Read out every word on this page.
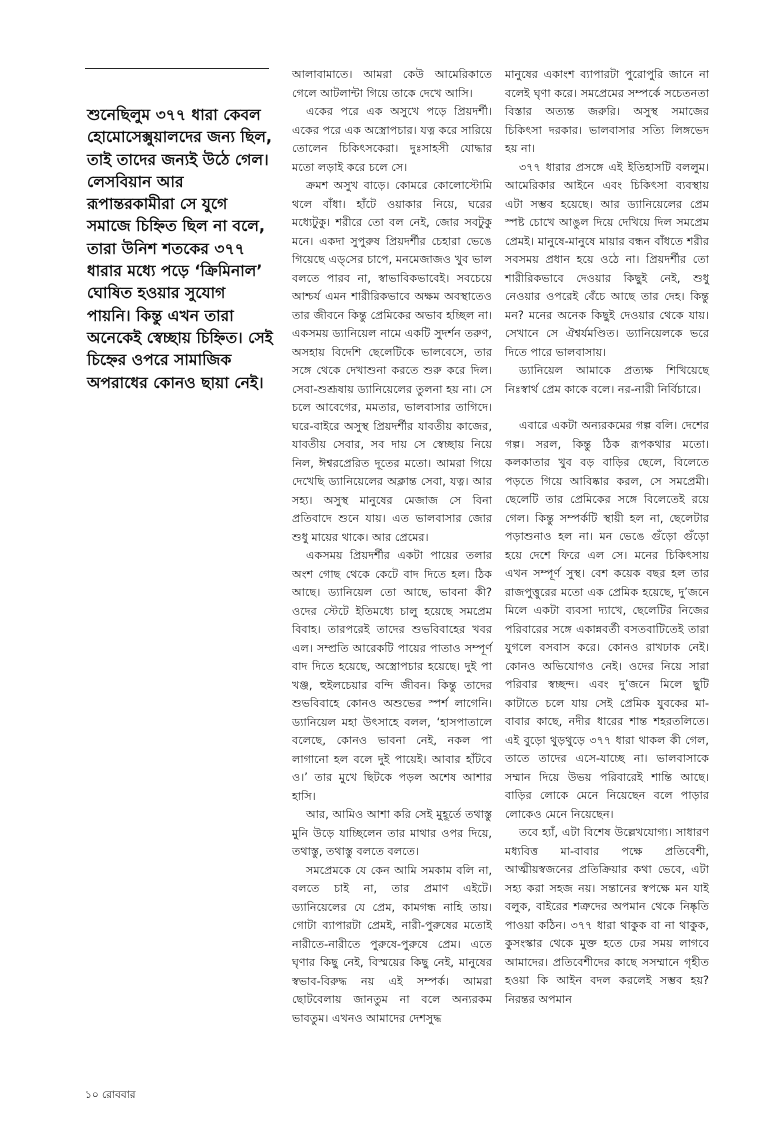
শুনেছিলুম ৩৭৭ ধারা কেবল হোমোসেক্সুয়ালদের জন্য ছিল, তাই তাদের জন্যই উঠে গেল। লেসবিয়ান আর রূপান্তরকামীরা সে যুগে সমাজে চিহ্নিত ছিল না বলে, তারা উনিশ শতকের ৩৭৭ ধারার মধ্যে পড়ে ‘ক্রিমিনাল’ ঘোষিত হওয়ার সুযোগ পায়নি। কিন্তু এখন তারা অনেকেই স্বেচ্ছায় চিহ্নিত। সেই চিহ্নের ওপরে সামাজিক অপরাধের কোনও ছায়া নেই।

আলাবামাতে। আমরা কেউ আমেরিকাতে গেলে আটলান্টা গিয়ে তাকে দেখে আসি।

একের পরে এক অসুখে পড়ে প্রিয়দর্শী। একের পরে এক অস্ত্রোপচার। যত্ন করে সারিয়ে তোলেন চিকিৎসকেরা। দুঃসাহসী যোদ্ধার মতো লড়াই করে চলে সে।

ক্রমশ অসুখ বাড়ে। কোমরে কোলোস্টোমি থলে বাঁধা। হাঁটে ওয়াকার নিয়ে, ঘরের মধ্যেটুকু। শরীরে তো বল নেই, জোর সবটুকু মনে। একদা সুপুরুষ প্রিয়দর্শীর চেহারা ভেঙে গিয়েছে এড্‌সের চাপে, মনমেজাজও খুব ভাল বলতে পারব না, স্বাভাবিকভাবেই। সবচেয়ে আশ্চর্য এমন শারীরিকভাবে অক্ষম অবস্থাতেও তার জীবনে কিন্তু প্রেমিকের অভাব হচ্ছিল না। একসময় ড্যানিয়েল নামে একটি সুদর্শন তরুণ, অসহায় বিদেশি ছেলেটিকে ভালবেসে, তার সঙ্গে থেকে দেখাশুনা করতে শুরু করে দিল। সেবা-শুশ্রূষায় ড্যানিয়েলের তুলনা হয় না। সে চলে আবেগের, মমতার, ভালবাসার তাগিদে। ঘরে-বাইরে অসুস্থ প্রিয়দর্শীর যাবতীয় কাজের, যাবতীয় সেবার, সব দায় সে স্বেচ্ছায় নিয়ে নিল, ঈশ্বরপ্রেরিত দূতের মতো। আমরা গিয়ে দেখেছি ড্যানিয়েলের অক্লান্ত সেবা, যত্ন। আর সহ্য। অসুস্থ মানুষের মেজাজ সে বিনা প্রতিবাদে শুনে যায়। এত ভালবাসার জোর শুধু মায়ের থাকে। আর প্রেমের।

একসময় প্রিয়দর্শীর একটা পায়ের তলার অংশ গোছ থেকে কেটে বাদ দিতে হল। ঠিক আছে। ড্যানিয়েল তো আছে, ভাবনা কী? ওদের স্টেটে ইতিমধ্যে চালু হয়েছে সমপ্রেম বিবাহ। তারপরেই তাদের শুভবিবাহের খবর এল। সম্প্রতি আরেকটি পায়ের পাতাও সম্পূর্ণ বাদ দিতে হয়েছে, অস্ত্রোপচার হয়েছে। দুই পা খঞ্জ, হুইলচেয়ার বন্দি জীবন। কিন্তু তাদের শুভবিবাহে কোনও অশুভের স্পর্শ লাগেনি। ড্যানিয়েল মহা উৎসাহে বলল, ‘হাসপাতালে বলেছে, কোনও ভাবনা নেই, নকল পা লাগানো হল বলে দুই পায়েই। আবার হাঁটবে ও।’ তার মুখে ছিটকে পড়ল অশেষ আশার হাসি।

আর, আমিও আশা করি সেই মুহূর্তে তথাস্তু মুনি উড়ে যাচ্ছিলেন তার মাথার ওপর দিয়ে, তথাস্তু, তথাস্তু বলতে বলতে।

সমপ্রেমকে যে কেন আমি সমকাম বলি না, বলতে চাই না, তার প্রমাণ এইটে। ড্যানিয়েলের যে প্রেম, কামগন্ধ নাহি তায়। গোটা ব্যাপারটা প্রেমই, নারী-পুরুষের মতোই নারীতে-নারীতে পুরুষে-পুরুষে প্রেম। এতে ঘৃণার কিছু নেই, বিস্ময়ের কিছু নেই, মানুষের স্বভাব-বিরুদ্ধ নয় এই সম্পর্ক। আমরা ছোটবেলায় জানতুম না বলে অন্যরকম ভাবতুম। এখনও আমাদের দেশসুদ্ধ

মানুষের একাংশ ব্যাপারটা পুরোপুরি জানে না বলেই ঘৃণা করে। সমপ্রেমের সম্পর্কে সচেতনতা বিস্তার অত্যন্ত জরুরি। অসুস্থ সমাজের চিকিৎসা দরকার। ভালবাসার সত্যি লিঙ্গভেদ হয় না।

৩৭৭ ধারার প্রসঙ্গে এই ইতিহাসটি বললুম। আমেরিকার আইনে এবং চিকিৎসা ব্যবস্থায় এটা সম্ভব হয়েছে। আর ড্যানিয়েলের প্রেম স্পষ্ট চোখে আঙুল দিয়ে দেখিয়ে দিল সমপ্রেম প্রেমই। মানুষে-মানুষে মায়ার বন্ধন বাঁধতে শরীর সবসময় প্রধান হয়ে ওঠে না। প্রিয়দর্শীর তো শারীরিকভাবে দেওয়ার কিছুই নেই, শুধু নেওয়ার ওপরেই বেঁচে আছে তার দেহ। কিন্তু মন? মনের অনেক কিছুই দেওয়ার থেকে যায়। সেখানে সে ঐশ্বর্যমণ্ডিত। ড্যানিয়েলকে ভরে দিতে পারে ভালবাসায়।

ড্যানিয়েল আমাকে প্রত্যক্ষ শিখিয়েছে নিঃস্বার্থ প্রেম কাকে বলে। নর-নারী নির্বিচারে।

এবারে একটা অন্যরকমের গল্প বলি। দেশের গল্প। সরল, কিন্তু ঠিক রূপকথার মতো। কলকাতার খুব বড় বাড়ির ছেলে, বিলেতে পড়তে গিয়ে আবিষ্কার করল, সে সমপ্রেমী। ছেলেটি তার প্রেমিকের সঙ্গে বিলেতেই রয়ে গেল। কিন্তু সম্পর্কটি স্থায়ী হল না, ছেলেটার পড়াশুনাও হল না। মন ভেঙে গুঁড়ো গুঁড়ো হয়ে দেশে ফিরে এল সে। মনের চিকিৎসায় এখন সম্পূর্ণ সুস্থ। বেশ কয়েক বছর হল তার রাজপুত্তুরের মতো এক প্রেমিক হয়েছে, দু’জনে মিলে একটা ব্যবসা দ্যাখে, ছেলেটির নিজের পরিবারের সঙ্গে একান্নবর্তী বসতবাটিতেই তারা যুগলে বসবাস করে। কোনও রাখঢাক নেই। কোনও অভিযোগও নেই। ওদের নিয়ে সারা পরিবার স্বচ্ছন্দ। এবং দু’জনে মিলে ছুটি কাটাতে চলে যায় সেই প্রেমিক যুবকের মা-বাবার কাছে, নদীর ধারের শান্ত শহরতলিতে। এই বুড়ো থুড়থুড়ে ৩৭৭ ধারা থাকল কী গেল, তাতে তাদের এসে-যাচ্ছে না। ভালবাসাকে সম্মান দিয়ে উভয় পরিবারেই শান্তি আছে। বাড়ির লোকে মেনে নিয়েছেন বলে পাড়ার লোকেও মেনে নিয়েছেন।

তবে হ্যাঁ, এটা বিশেষ উল্লেখযোগ্য। সাধারণ মধ্যবিত্ত মা-বাবার পক্ষে প্রতিবেশী, আত্মীয়স্বজনের প্রতিক্রিয়ার কথা ভেবে, এটা সহ্য করা সহজ নয়। সন্তানের স্বপক্ষে মন যাই বলুক, বাইরের শত্রুদের অপমান থেকে নিষ্কৃতি পাওয়া কঠিন। ৩৭৭ ধারা থাকুক বা না থাকুক, কুসংস্কার থেকে মুক্ত হতে ঢের সময় লাগবে আমাদের। প্রতিবেশীদের কাছে সসম্মানে গৃহীত হওয়া কি আইন বদল করলেই সম্ভব হয়? নিরন্তর অপমান

১০ রোববার
